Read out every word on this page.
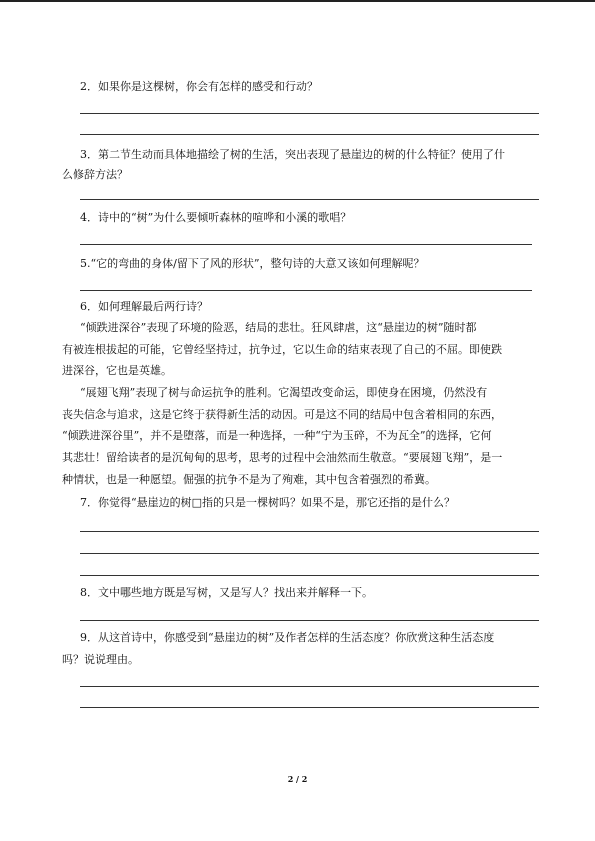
2．如果你是这棵树，你会有怎样的感受和行动？
3．第二节生动而具体地描绘了树的生活，突出表现了悬崖边的树的什么特征？使用了什
么修辞方法？
4．诗中的“树”为什么要倾听森林的喧哗和小溪的歌唱？
5.“它的弯曲的身体/留下了风的形状”，整句诗的大意又该如何理解呢？
6．如何理解最后两行诗？
“倾跌进深谷”表现了环境的险恶，结局的悲壮。狂风肆虐，这“悬崖边的树”随时都
有被连根拔起的可能，它曾经坚持过，抗争过，它以生命的结束表现了自己的不屈。即使跌
进深谷，它也是英雄。
“展翅飞翔”表现了树与命运抗争的胜利。它渴望改变命运，即使身在困境，仍然没有
丧失信念与追求，这是它终于获得新生活的动因。可是这不同的结局中包含着相同的东西，
“倾跌进深谷里”，并不是堕落，而是一种选择，一种“宁为玉碎，不为瓦全”的选择，它何
其悲壮！留给读者的是沉甸甸的思考，思考的过程中会油然而生敬意。“要展翅飞翔”，是一
种情状，也是一种愿望。倔强的抗争不是为了殉难，其中包含着强烈的希冀。
7．你觉得“悬崖边的树□指的只是一棵树吗？如果不是，那它还指的是什么？
8．文中哪些地方既是写树，又是写人？找出来并解释一下。
9．从这首诗中，你感受到“悬崖边的树”及作者怎样的生活态度？你欣赏这种生活态度
吗？说说理由。
2 / 2
